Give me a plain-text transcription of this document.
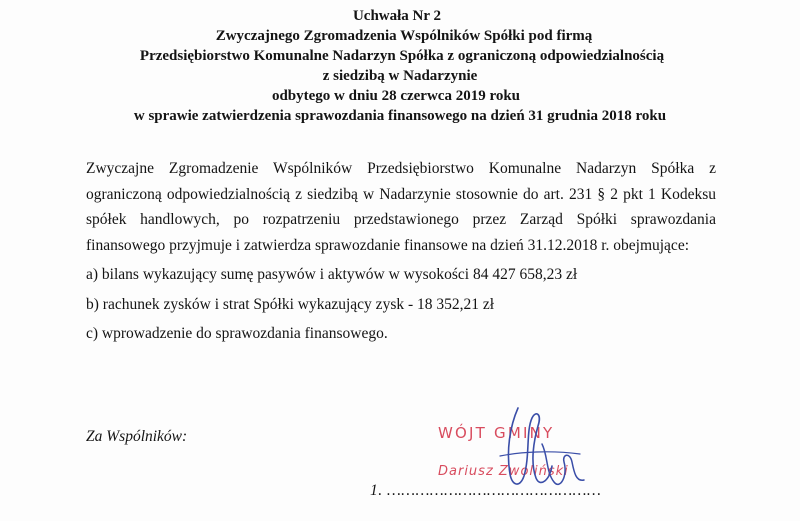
Uchwała Nr 2
Zwyczajnego Zgromadzenia Wspólników Spółki pod firmą
Przedsiębiorstwo Komunalne Nadarzyn Spółka z ograniczoną odpowiedzialnością
z siedzibą w Nadarzynie
odbytego w dniu 28 czerwca 2019 roku
w sprawie zatwierdzenia sprawozdania finansowego na dzień 31 grudnia 2018 roku
Zwyczajne Zgromadzenie Wspólników Przedsiębiorstwo Komunalne Nadarzyn Spółka z
ograniczoną odpowiedzialnością z siedzibą w Nadarzynie stosownie do art. 231 § 2 pkt 1 Kodeksu
spółek handlowych, po rozpatrzeniu przedstawionego przez Zarząd Spółki sprawozdania
finansowego przyjmuje i zatwierdza sprawozdanie finansowe na dzień 31.12.2018 r. obejmujące:
a) bilans wykazujący sumę pasywów i aktywów w wysokości 84 427 658,23 zł
b) rachunek zysków i strat Spółki wykazujący zysk - 18 352,21 zł
c) wprowadzenie do sprawozdania finansowego.
Za Wspólników:	WÓJT GMINY
Dariusz Zwoliński
1. ………………………………………
